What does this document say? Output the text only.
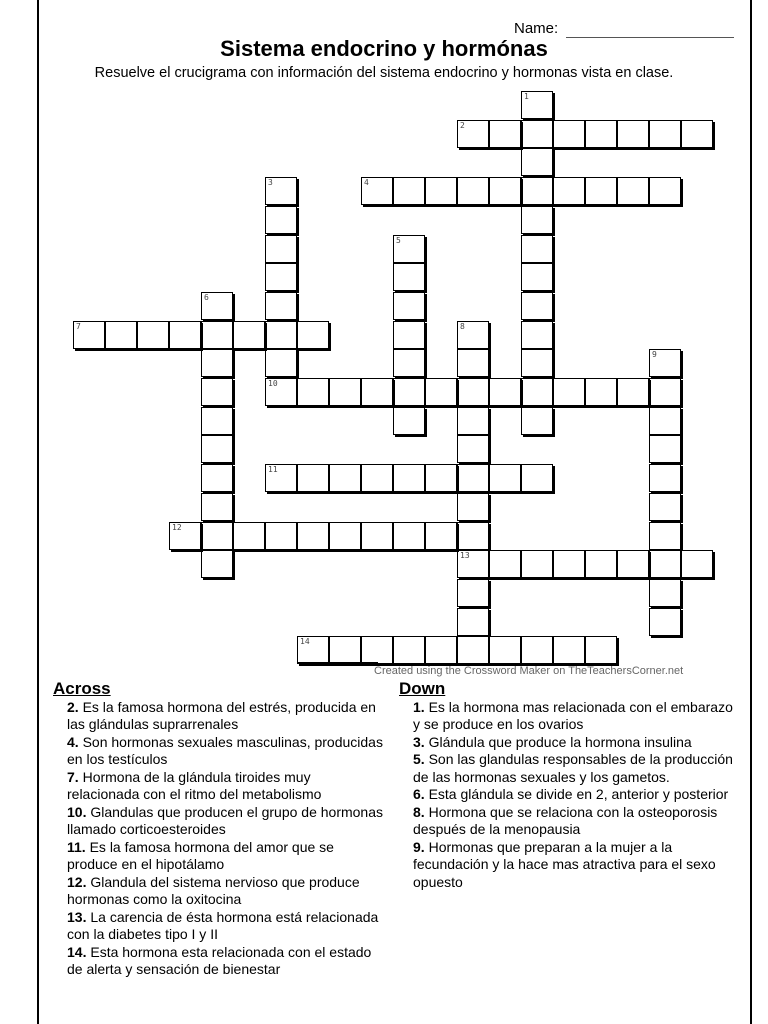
Name:
Sistema endocrino y hormónas
Resuelve el crucigrama con información del sistema endocrino y hormonas vista en clase.
1
2
3
10
4
5
6
7	8
13
9
11
12
14
Created using the Crossword Maker on TheTeachersCorner.net
Across
2. Es la famosa hormona del estrés, producida en las glándulas suprarrenales
4. Son hormonas sexuales masculinas, producidas en los testículos
7. Hormona de la glándula tiroides muy relacionada con el ritmo del metabolismo
10. Glandulas que producen el grupo de hormonas llamado corticoesteroides
11. Es la famosa hormona del amor que se produce en el hipotálamo
12. Glandula del sistema nervioso que produce hormonas como la oxitocina
13. La carencia de ésta hormona está relacionada con la diabetes tipo I y II
14. Esta hormona esta relacionada con el estado de alerta y sensación de bienestar
Down
1. Es la hormona mas relacionada con el embarazo y se produce en los ovarios
3. Glándula que produce la hormona insulina
5. Son las glandulas responsables de la producción de las hormonas sexuales y los gametos.
6. Esta glándula se divide en 2, anterior y posterior
8. Hormona que se relaciona con la osteoporosis después de la menopausia
9. Hormonas que preparan a la mujer a la fecundación y la hace mas atractiva para el sexo opuesto
